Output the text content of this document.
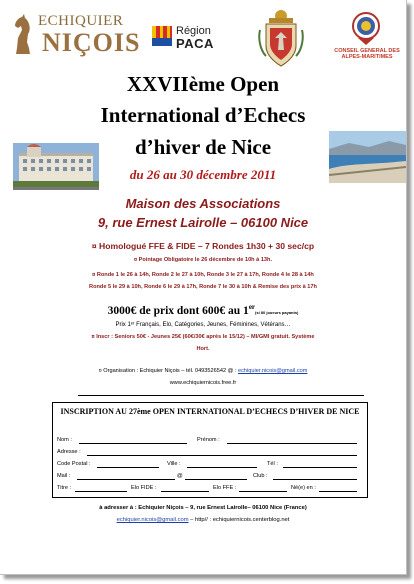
ECHIQUIER
NIÇOIS	Région
PACA	CONSEIL GENERAL DES ALPES-MARITIMES
XXVIIème Open
International d’Echecs
d’hiver de Nice
du 26 au 30 décembre 2011
Maison des Associations
9, rue Ernest Lairolle – 06100 Nice
¤ Homologué FFE & FIDE – 7 Rondes 1h30 + 30 sec/cp
¤ Pointage Obligatoire le 26 décembre de 10h à 13h.
¤ Ronde 1 le 26 à 14h, Ronde 2 le 27 à 10h, Ronde 3 le 27 à 17h, Ronde 4 le 28 à 14h
Ronde 5 le 29 à 10h, Ronde 6 le 29 à 17h, Ronde 7 le 30 à 10h & Remise des prix à 17h
3000€ de prix dont 600€ au 1er(si 80 joueurs payants)
Prix 1ᵉʳ Français, Elo, Catégories, Jeunes, Féminines, Vétérans…
¤ Inscr : Seniors 50€ - Jeunes 25€ (60€/30€ après le 15/12) – MI/GMI gratuit. Système
Hort.
¤ Organisation : Echiquier Niçois – tél. 0493526542 @ : echiquier.nicois@gmail.com
www.echiquiernicois.free.fr
INSCRIPTION AU 27ème OPEN INTERNATIONAL D’ECHECS D’HIVER DE NICE
Nom :	Prénom :
Adresse :
Code Postal :	Ville :	Tél :
Mail :	@	Club :
Titre :	Elo FIDE :	Elo FFE :	Né(e) en :
à adresser à : Echiquier Niçois – 9, rue Ernest Lairolle– 06100 Nice (France)
echiquier.nicois@gmail.com – http// : echiquiernicois.centerblog.net
